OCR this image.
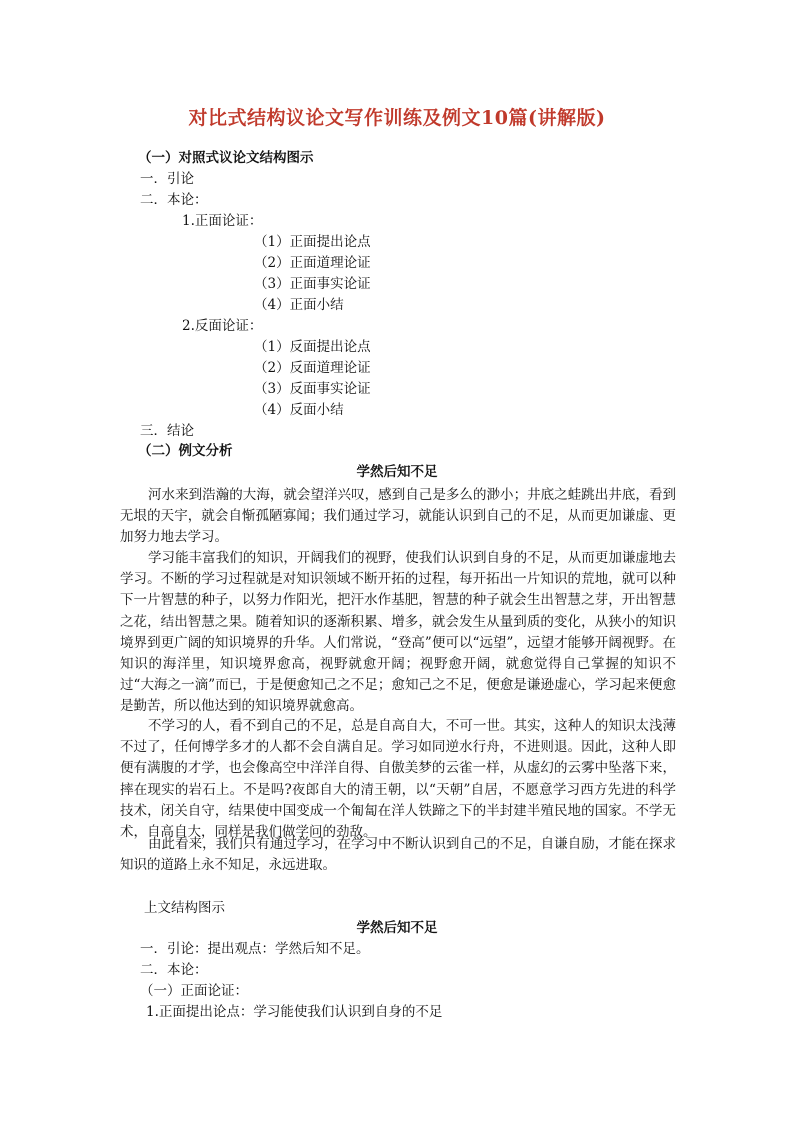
对比式结构议论文写作训练及例文10篇(讲解版)
（一）对照式议论文结构图示
一．引论
二．本论：
1.正面论证：
（1）正面提出论点
（2）正面道理论证
（3）正面事实论证
（4）正面小结
2.反面论证：
（1）反面提出论点
（2）反面道理论证
（3）反面事实论证
（4）反面小结
三．结论
（二）例文分析
学然后知不足
河水来到浩瀚的大海，就会望洋兴叹，感到自己是多么的渺小；井底之蛙跳出井底，看到无垠的天宇，就会自惭孤陋寡闻；我们通过学习，就能认识到自己的不足，从而更加谦虚、更加努力地去学习。
学习能丰富我们的知识，开阔我们的视野，使我们认识到自身的不足，从而更加谦虚地去学习。不断的学习过程就是对知识领域不断开拓的过程，每开拓出一片知识的荒地，就可以种下一片智慧的种子，以努力作阳光，把汗水作基肥，智慧的种子就会生出智慧之芽，开出智慧之花，结出智慧之果。随着知识的逐渐积累、增多，就会发生从量到质的变化，从狭小的知识境界到更广阔的知识境界的升华。人们常说，“登高”便可以“远望”，远望才能够开阔视野。在知识的海洋里，知识境界愈高，视野就愈开阔；视野愈开阔，就愈觉得自己掌握的知识不过“大海之一滴”而已，于是便愈知己之不足；愈知己之不足，便愈是谦逊虚心，学习起来便愈是勤苦，所以他达到的知识境界就愈高。
不学习的人，看不到自己的不足，总是自高自大，不可一世。其实，这种人的知识太浅薄不过了，任何博学多才的人都不会自满自足。学习如同逆水行舟，不进则退。因此，这种人即便有满腹的才学，也会像高空中洋洋自得、自傲美梦的云雀一样，从虚幻的云雾中坠落下来，摔在现实的岩石上。不是吗?夜郎自大的清王朝，以“天朝”自居，不愿意学习西方先进的科学技术，闭关自守，结果使中国变成一个匍匐在洋人铁蹄之下的半封建半殖民地的国家。不学无术，自高自大，同样是我们做学问的劲敌。
由此看来，我们只有通过学习，在学习中不断认识到自己的不足，自谦自励，才能在探求知识的道路上永不知足，永远进取。
上文结构图示
学然后知不足
一．引论：提出观点：学然后知不足。
二．本论：
（一）正面论证：
1.正面提出论点：学习能使我们认识到自身的不足
